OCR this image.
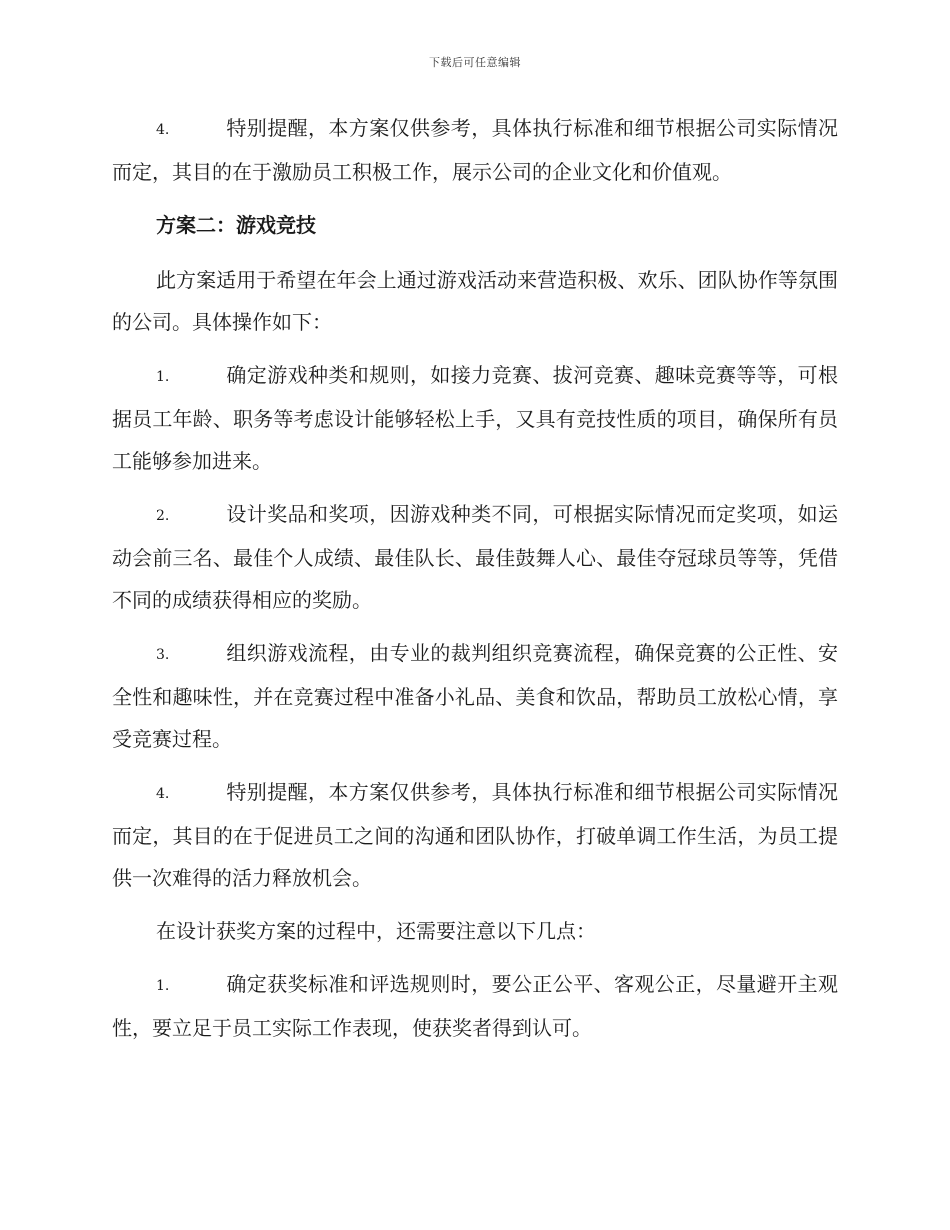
下载后可任意编辑

4.	特别提醒，本方案仅供参考，具体执行标准和细节根据公司实际情况而定，其目的在于激励员工积极工作，展示公司的企业文化和价值观。

方案二：游戏竞技

此方案适用于希望在年会上通过游戏活动来营造积极、欢乐、团队协作等氛围的公司。具体操作如下：

1.	确定游戏种类和规则，如接力竞赛、拔河竞赛、趣味竞赛等等，可根据员工年龄、职务等考虑设计能够轻松上手，又具有竞技性质的项目，确保所有员工能够参加进来。

2.	设计奖品和奖项，因游戏种类不同，可根据实际情况而定奖项，如运动会前三名、最佳个人成绩、最佳队长、最佳鼓舞人心、最佳夺冠球员等等，凭借不同的成绩获得相应的奖励。

3.	组织游戏流程，由专业的裁判组织竞赛流程，确保竞赛的公正性、安全性和趣味性，并在竞赛过程中准备小礼品、美食和饮品，帮助员工放松心情，享受竞赛过程。

4.	特别提醒，本方案仅供参考，具体执行标准和细节根据公司实际情况而定，其目的在于促进员工之间的沟通和团队协作，打破单调工作生活，为员工提供一次难得的活力释放机会。

在设计获奖方案的过程中，还需要注意以下几点：

1.	确定获奖标准和评选规则时，要公正公平、客观公正，尽量避开主观性，要立足于员工实际工作表现，使获奖者得到认可。
